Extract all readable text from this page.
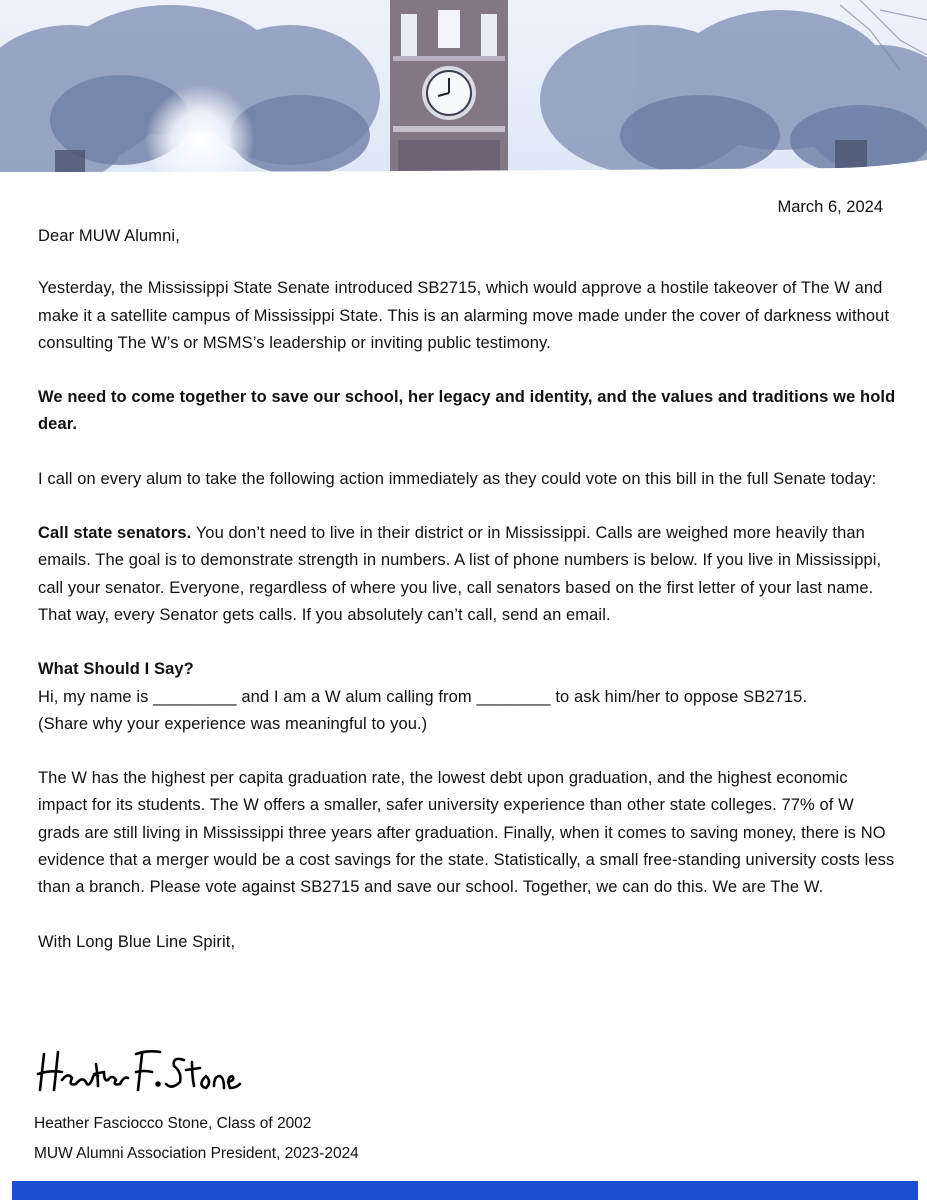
March 6, 2024

Dear MUW Alumni,

Yesterday, the Mississippi State Senate introduced SB2715, which would approve a hostile takeover of The W and make it a satellite campus of Mississippi State. This is an alarming move made under the cover of darkness without consulting The W’s or MSMS’s leadership or inviting public testimony.

We need to come together to save our school, her legacy and identity, and the values and traditions we hold dear.

I call on every alum to take the following action immediately as they could vote on this bill in the full Senate today:

Call state senators. You don’t need to live in their district or in Mississippi. Calls are weighed more heavily than emails. The goal is to demonstrate strength in numbers. A list of phone numbers is below. If you live in Mississippi, call your senator. Everyone, regardless of where you live, call senators based on the first letter of your last name. That way, every Senator gets calls. If you absolutely can’t call, send an email.

What Should I Say?

Hi, my name is _________ and I am a W alum calling from ________ to ask him/her to oppose SB2715.

(Share why your experience was meaningful to you.)

The W has the highest per capita graduation rate, the lowest debt upon graduation, and the highest economic impact for its students. The W offers a smaller, safer university experience than other state colleges. 77% of W grads are still living in Mississippi three years after graduation. Finally, when it comes to saving money, there is NO evidence that a merger would be a cost savings for the state. Statistically, a small free-standing university costs less than a branch. Please vote against SB2715 and save our school. Together, we can do this. We are The W.

With Long Blue Line Spirit,

Heather Fasciocco Stone, Class of 2002
MUW Alumni Association President, 2023-2024
